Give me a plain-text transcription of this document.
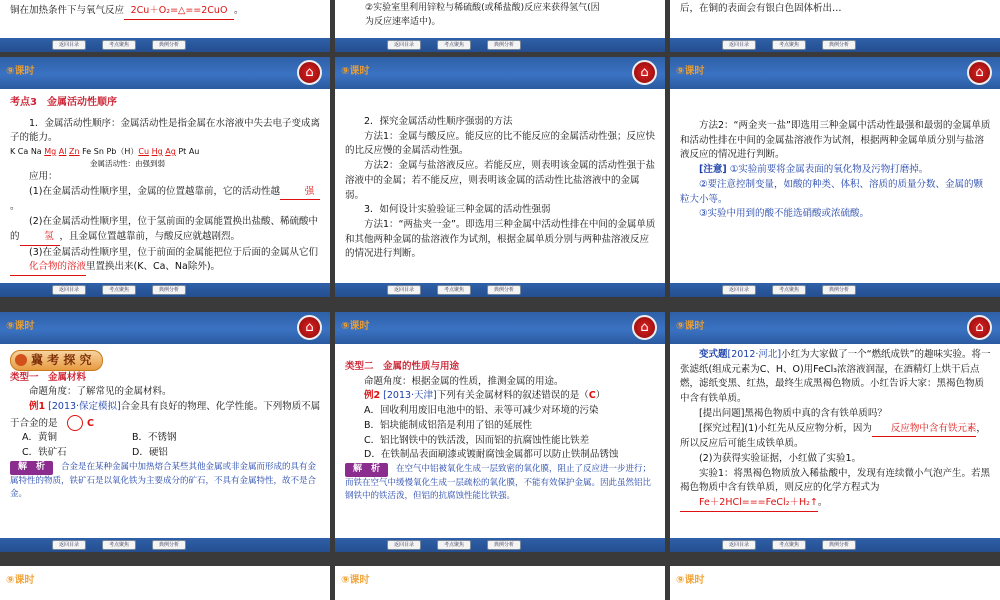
铜在加热条件下与氧气反应 2Cu＋O₂=△==2CuO 。
返回目录	考点聚焦	典例分析
②实验室里利用锌粒与稀硫酸(或稀盐酸)反应来获得氢气(因
为反应速率适中)。
返回目录	考点聚焦	典例分析
后，在铜的表面会有银白色固体析出…
返回目录	考点聚焦	典例分析
⑨课时	⌂
考点3　金属活动性顺序
1．金属活动性顺序：金属活动性是指金属在水溶液中失去电子变成离子的能力。
K Ca Na Mg Al Zn Fe Sn Pb（H）Cu Hg Ag Pt Au
金属活动性：由强到弱
应用：
(1)在金属活动性顺序里，金属的位置越靠前，它的活动性越	强。
(2)在金属活动性顺序里，位于氢前面的金属能置换出盐酸、稀硫酸中的	氢 ，且金属位置越靠前，与酸反应就越剧烈。
(3)在金属活动性顺序里，位于前面的金属能把位于后面的金属从它们化合物的溶液里置换出来(K、Ca、Na除外)。
返回目录	考点聚焦	典例分析
⑨课时	⌂
2．探究金属活动性顺序强弱的方法
方法1：金属与酸反应。能反应的比不能反应的金属活动性强；反应快的比反应慢的金属活动性强。
方法2：金属与盐溶液反应。若能反应，则表明该金属的活动性强于盐溶液中的金属；若不能反应，则表明该金属的活动性比盐溶液中的金属弱。
3．如何设计实验验证三种金属的活动性强弱
方法1：“两盐夹一金”。即选用三种金属中活动性排在中间的金属单质和其他两种金属的盐溶液作为试剂，根据金属单质分别与两种盐溶液反应的情况进行判断。
返回目录	考点聚焦	典例分析
⑨课时	⌂
方法2：“两金夹一盐”即选用三种金属中活动性最强和最弱的金属单质和活动性排在中间的金属盐溶液作为试剂，根据两种金属单质分别与盐溶液反应的情况进行判断。
[注意] ①实验前要将金属表面的氧化物及污物打磨掉。
②要注意控制变量，如酸的种类、体积、溶质的质量分数、金属的颗粒大小等。
③实验中用到的酸不能选硝酸或浓硫酸。
返回目录	考点聚焦	典例分析
⑨课时	⌂
冀 考 探 究
类型一　金属材料
命题角度：了解常见的金属材料。
例1 [2013·保定模拟]合金具有良好的物理、化学性能。下列物质不属于合金的是　	C
A．黄铜	B．不锈钢
C．铁矿石	D．硬铝
解　析 合金是在某种金属中加热熔合某些其他金属或非金属而形成的具有金属特性的物质，铁矿石是以氧化铁为主要成分的矿石，不具有金属特性，故不是合金。
返回目录	考点聚焦	典例分析
⑨课时	⌂
类型二　金属的性质与用途
命题角度：根据金属的性质，推测金属的用途。
例2 [2013·天津]下列有关金属材料的叙述错误的是（C）
A．回收利用废旧电池中的铅、汞等可减少对环境的污染
B．铝块能制成铝箔是利用了铝的延展性
C．铝比钢铁中的铁活泼，因而铝的抗腐蚀性能比铁差
D．在铁制品表面刷漆或镀耐腐蚀金属都可以防止铁制品锈蚀
解　析 在空气中铝被氧化生成一层致密的氧化膜，阻止了反应进一步进行；而铁在空气中缓慢氧化生成一层疏松的氧化膜，不能有效保护金属。因此虽然铝比钢铁中的铁活泼，但铝的抗腐蚀性能比铁强。
返回目录	考点聚焦	典例分析
⑨课时	⌂
变式题[2012·河北]小红为大家做了一个“燃纸成铁”的趣味实验。将一张滤纸(组成元素为C、H、O)用FeCl₃浓溶液润湿，在酒精灯上烘干后点燃，滤纸变黑、红热，最终生成黑褐色物质。小红告诉大家：黑褐色物质中含有铁单质。
[提出问题]黑褐色物质中真的含有铁单质吗？
[探究过程](1)小红先从反应物分析，因为 反应物中含有铁元素，所以反应后可能生成铁单质。
(2)为获得实验证据，小红做了实验1。
实验1：将黑褐色物质放入稀盐酸中，发现有连续微小气泡产生。若黑褐色物质中含有铁单质，则反应的化学方程式为Fe＋2HCl===FeCl₂＋H₂↑。
返回目录	考点聚焦	典例分析
⑨课时	⑨课时	⑨课时
